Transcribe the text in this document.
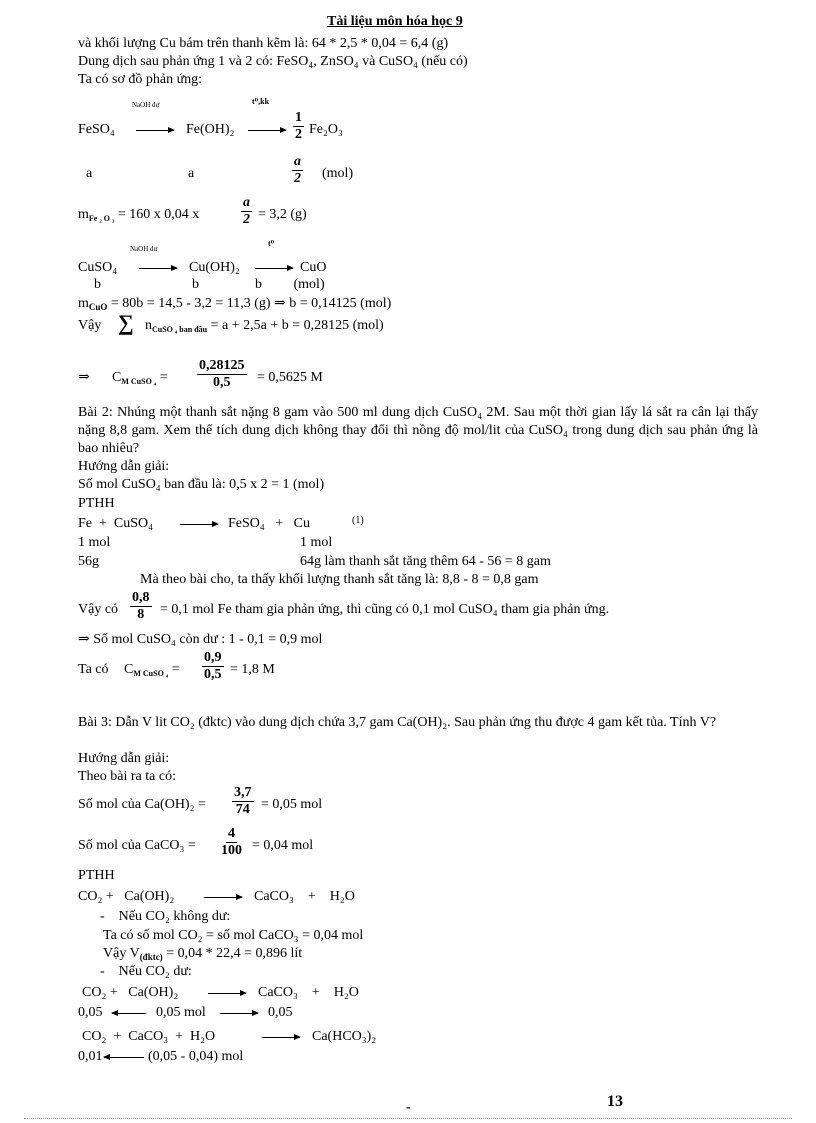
Tài liệu môn hóa học 9
và khối lượng Cu bám trên thanh kẽm là: 64 * 2,5 * 0,04 = 6,4 (g)
Dung dịch sau phản ứng 1 và 2 có: FeSO₄, ZnSO₄ và CuSO₄ (nếu có)
Ta có sơ đồ phản ứng:
NaOH dư	t⁰,kk
FeSO₄ → $Fe(OH)_2 \to \frac{1}{2} Fe_2O_3$
a	a	$\frac{a}{2} (mol)$
$m_{Fe _2 O _3} = 160$ x 0,04 x	$\frac{a}{2} = 3,2$ (g)
NaOH dư
t⁰
CuSO₄ → Cu(OH)₂ → CuO
b                          b                b         (mol)
$m_{CuO} = 80b = 14,5 - 3,2 = 11,3$ (g) ⇒ b = 0,14125 (mol)
Vậy ∑ $n_{CuSO _4 ban đầu} = a + 2,5a + b = 0,28125$ (mol)
⇒ $C_{M CuSO _4} = \frac{0,28125}{0,5} = 0,5625$ M
Bài 2: Nhúng một thanh sắt nặng 8 gam vào 500 ml dung dịch CuSO₄ 2M. Sau một thời gian lấy lá sắt ra cân lại thấy nặng 8,8 gam. Xem thể tích dung dịch không thay đổi thì nồng độ mol/lit của CuSO₄ trong dung dịch sau phản ứng là bao nhiêu?
Hướng dẫn giải:
Số mol CuSO₄ ban đầu là: 0,5 x 2 = 1 (mol)
PTHH
Fe  +  CuSO₄ → FeSO₄   +   Cu	(1)
1 mol	1 mol
56g	64g làm thanh sắt tăng thêm 64 - 56 = 8 gam
Mà theo bài cho, ta thấy khối lượng thanh sắt tăng là: 8,8 - 8 = 0,8 gam
Vậy có $\frac{0,8}{8} = 0,1$ mol Fe tham gia phản ứng, thì cũng có 0,1 mol CuSO₄ tham gia phản ứng.
⇒ Số mol CuSO₄ còn dư : 1 - 0,1 = 0,9 mol
Ta có $C_{M CuSO _4} = \frac{0,9}{0,5} = 1,8$ M
Bài 3: Dẫn V lit CO₂ (đktc) vào dung dịch chứa 3,7 gam Ca(OH)₂. Sau phản ứng thu được 4 gam kết tủa. Tính V?
Hướng dẫn giải:
Theo bài ra ta có:
Số mol của $Ca(OH)_2 = \frac{3,7}{74} = 0,05$ mol
Số mol của CaCO₃ = $\frac{4}{100} = 0,04$ mol
PTHH
CO₂ +   Ca(OH)₂ → CaCO₃    +    H₂O
-    Nếu CO₂ không dư:
Ta có số mol CO₂ = số mol CaCO₃ = 0,04 mol
Vậy $V_{(đktc)} = 0,04 * 22,4 = 0,896$ lít
-    Nếu CO₂ dư:
CO₂ +   Ca(OH)₂ → CaCO₃    +    H₂O
0,05	0,05 mol → 0,05
CO₂  +  CaCO₃  +  H₂O	→ Ca(HCO₃)₂
0,01	(0,05 - 0,04) mol
-	13
